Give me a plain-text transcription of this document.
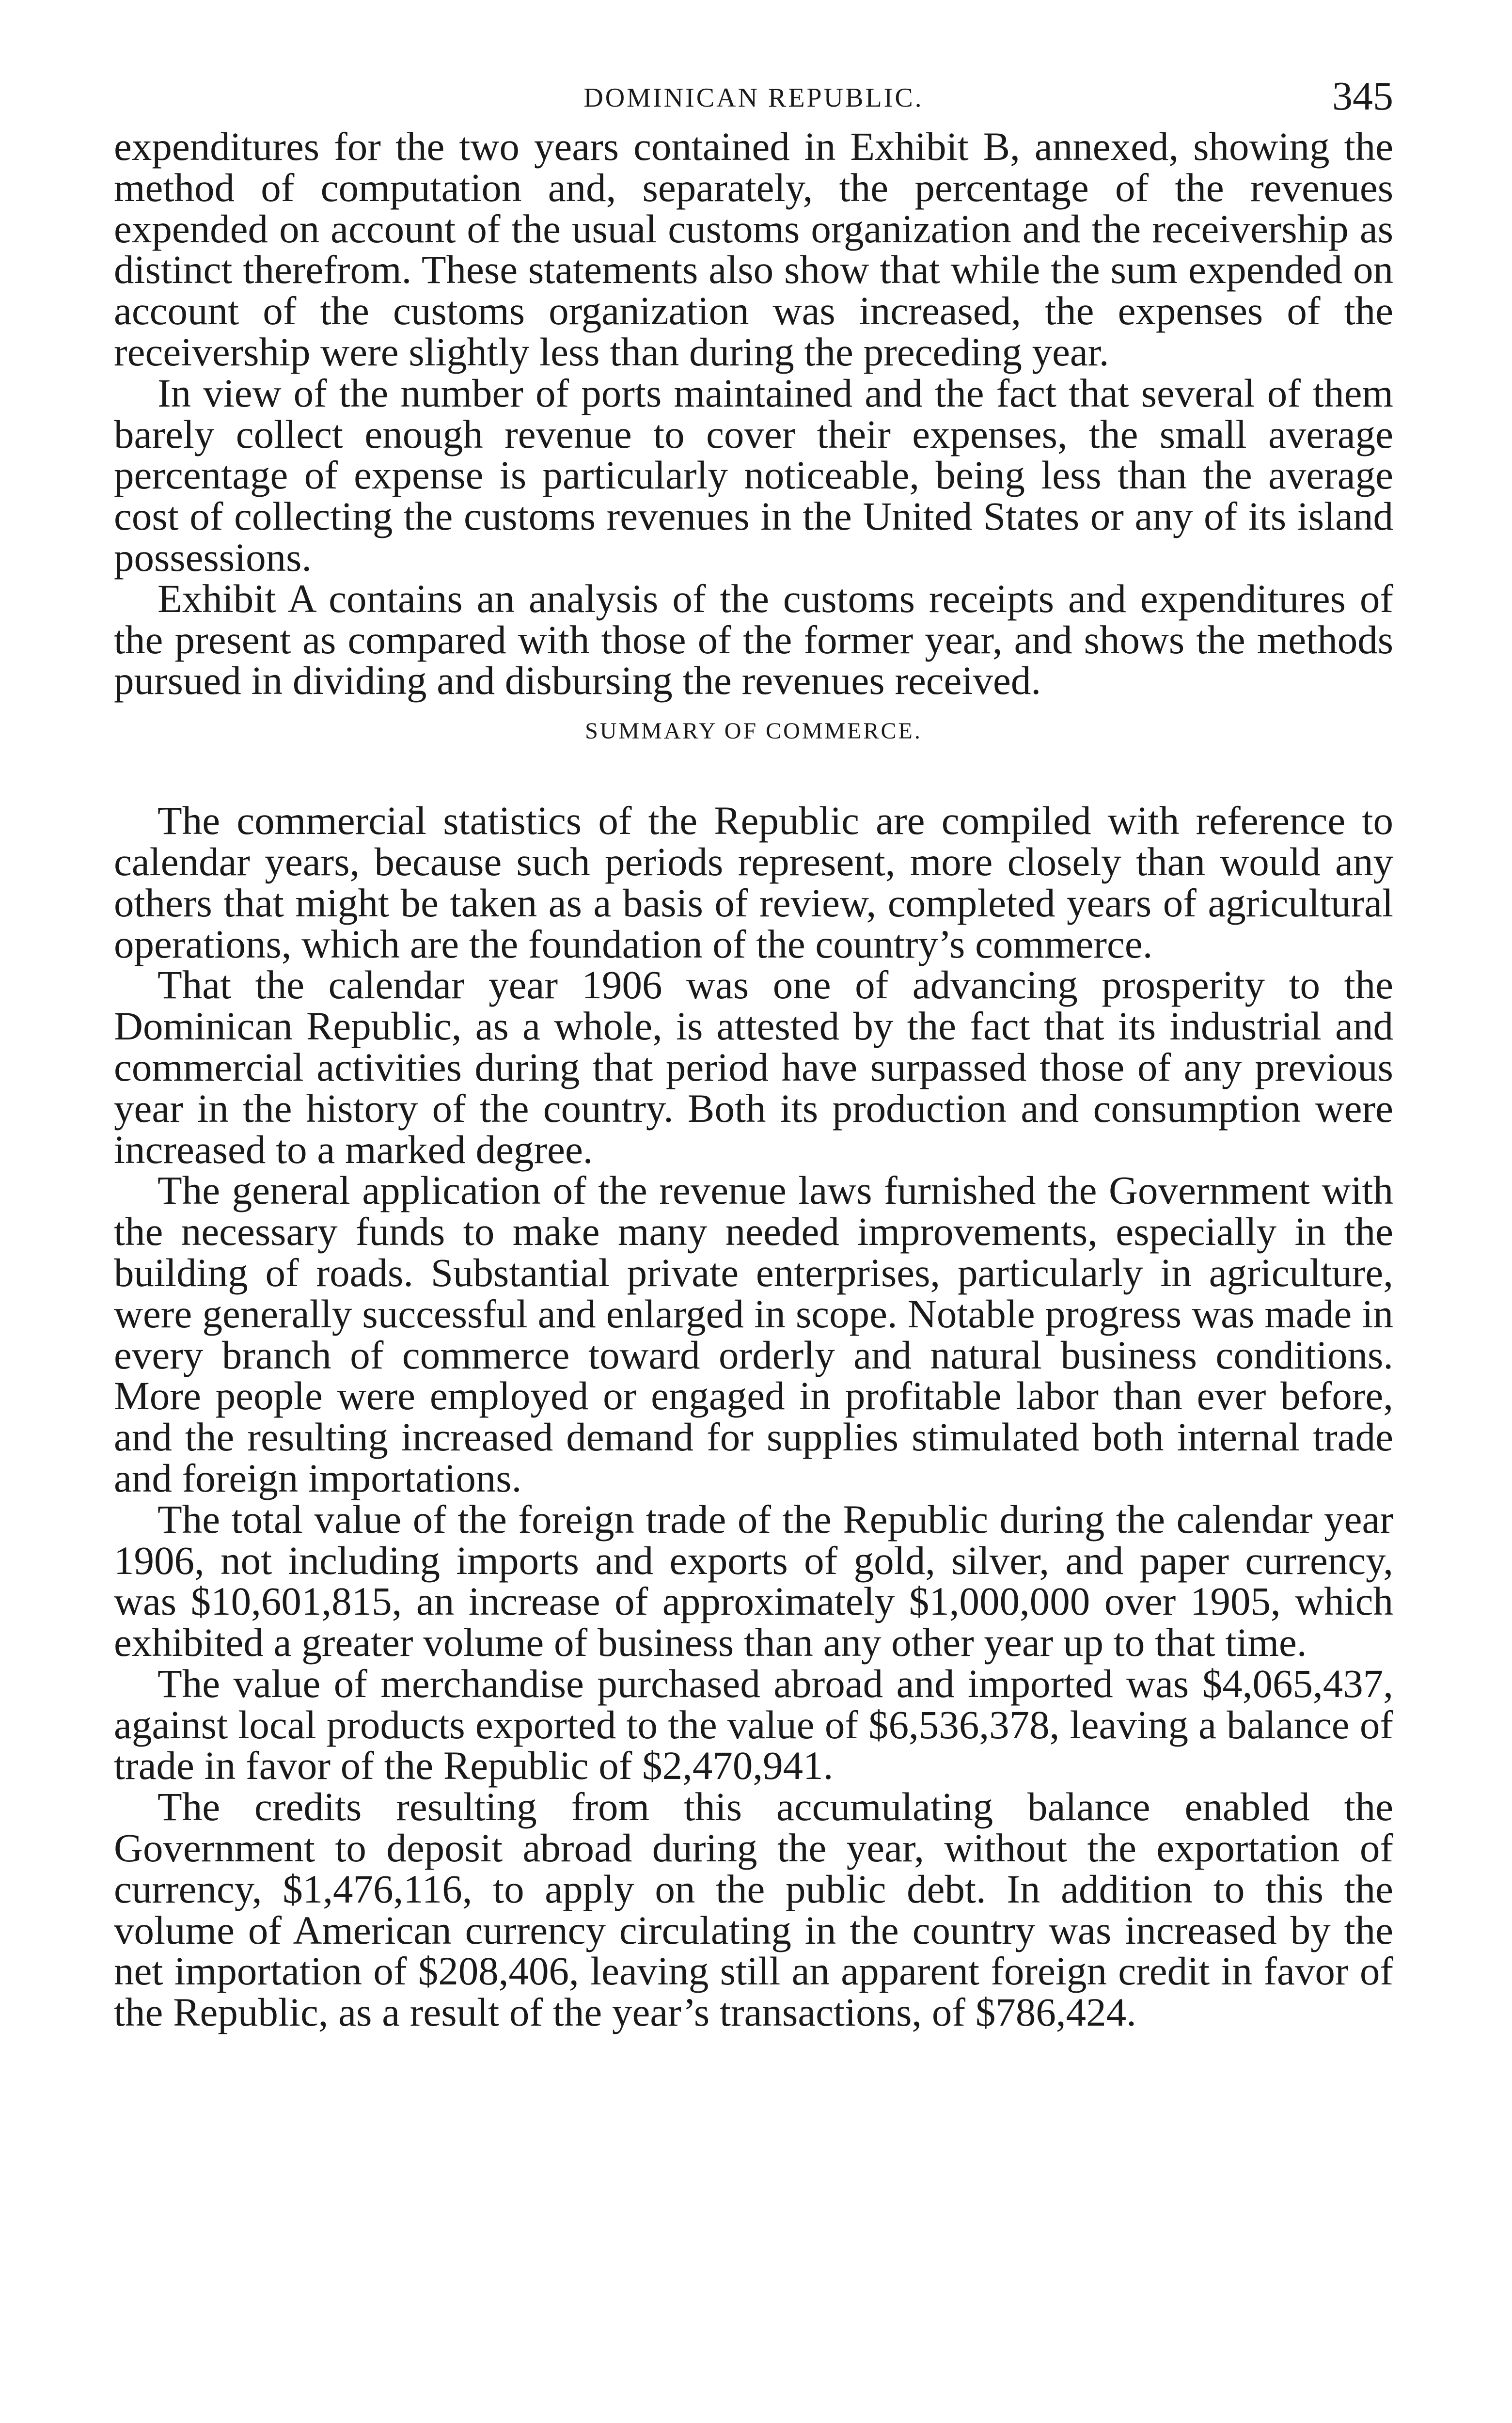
DOMINICAN REPUBLIC.	345

expenditures for the two years contained in Exhibit B, annexed, showing the method of computation and, separately, the percentage of the revenues expended on account of the usual customs organization and the receivership as distinct therefrom. These statements also show that while the sum expended on account of the customs organization was increased, the expenses of the receivership were slightly less than during the preceding year.

In view of the number of ports maintained and the fact that several of them barely collect enough revenue to cover their expenses, the small average percentage of expense is particularly noticeable, being less than the average cost of collecting the customs revenues in the United States or any of its island possessions.

Exhibit A contains an analysis of the customs receipts and expenditures of the present as compared with those of the former year, and shows the methods pursued in dividing and disbursing the revenues received.

SUMMARY OF COMMERCE.

The commercial statistics of the Republic are compiled with reference to calendar years, because such periods represent, more closely than would any others that might be taken as a basis of review, completed years of agricultural operations, which are the foundation of the country’s commerce.

That the calendar year 1906 was one of advancing prosperity to the Dominican Republic, as a whole, is attested by the fact that its industrial and commercial activities during that period have surpassed those of any previous year in the history of the country. Both its production and consumption were increased to a marked degree.

The general application of the revenue laws furnished the Government with the necessary funds to make many needed improvements, especially in the building of roads. Substantial private enterprises, particularly in agriculture, were generally successful and enlarged in scope. Notable progress was made in every branch of commerce toward orderly and natural business conditions. More people were employed or engaged in profitable labor than ever before, and the resulting increased demand for supplies stimulated both internal trade and foreign importations.

The total value of the foreign trade of the Republic during the calendar year 1906, not including imports and exports of gold, silver, and paper currency, was $10,601,815, an increase of approximately $1,000,000 over 1905, which exhibited a greater volume of business than any other year up to that time.

The value of merchandise purchased abroad and imported was $4,065,437, against local products exported to the value of $6,536,378, leaving a balance of trade in favor of the Republic of $2,470,941.

The credits resulting from this accumulating balance enabled the Government to deposit abroad during the year, without the exportation of currency, $1,476,116, to apply on the public debt. In addition to this the volume of American currency circulating in the country was increased by the net importation of $208,406, leaving still an apparent foreign credit in favor of the Republic, as a result of the year’s transactions, of $786,424.
